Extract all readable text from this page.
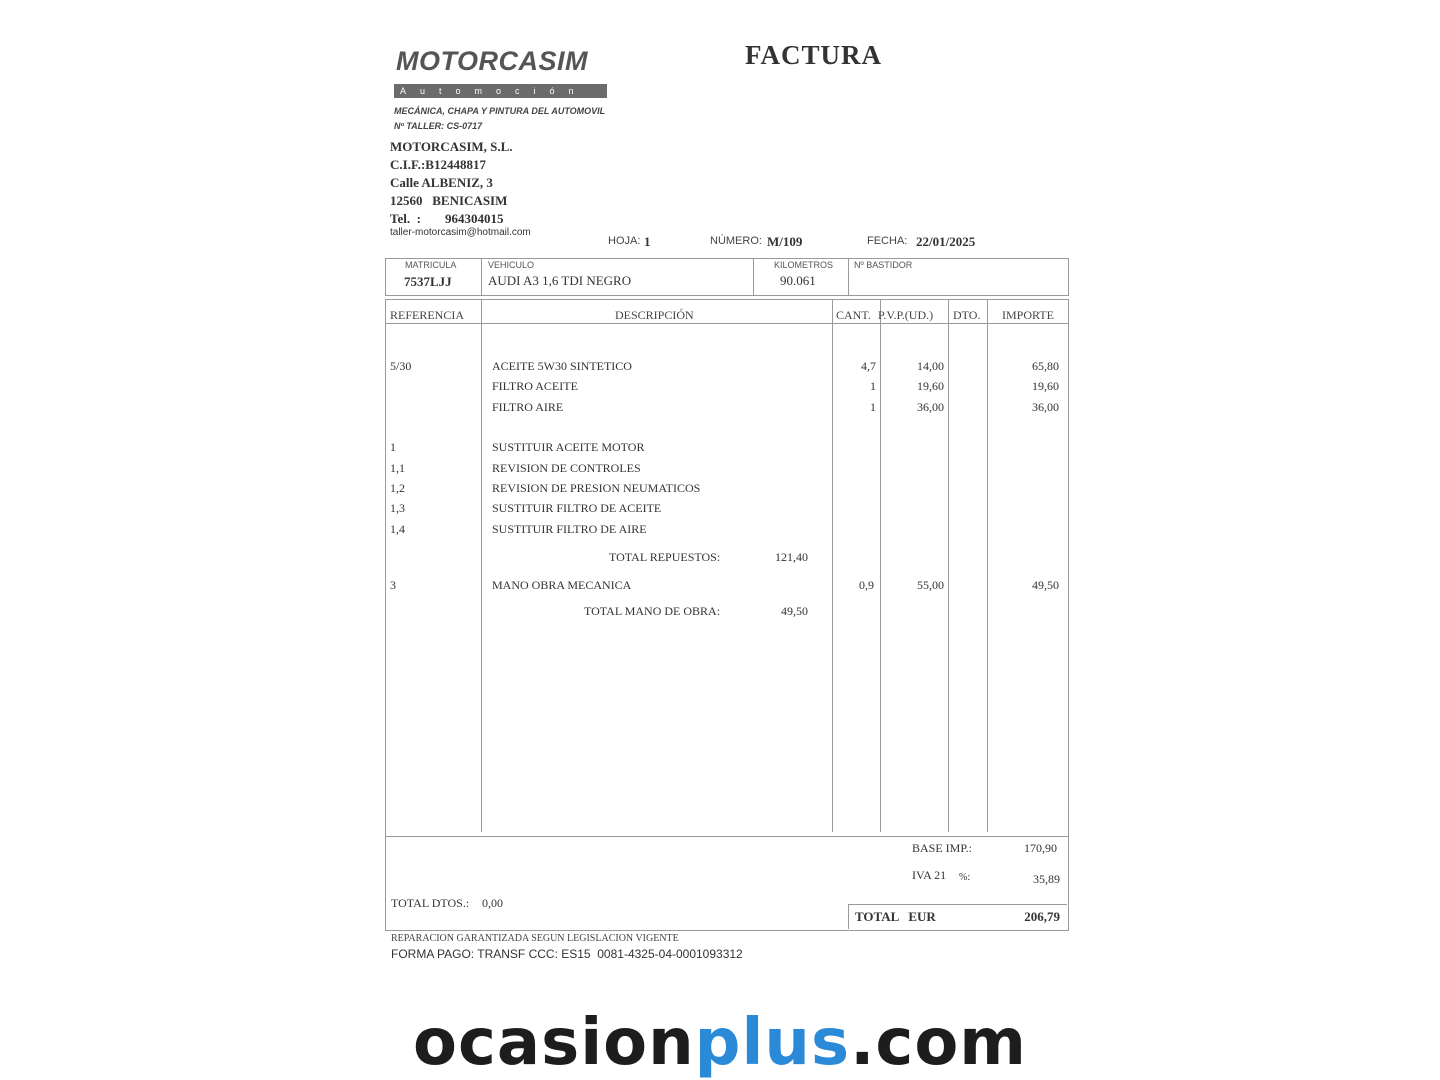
MOTORCASIM
Automoción
MECÁNICA, CHAPA Y PINTURA DEL AUTOMOVIL
Nº TALLER: CS-0717
FACTURA
MOTORCASIM, S.L.
C.I.F.:B12448817
Calle ALBENIZ, 3
12560   BENICASIM
Tel.  : 964304015
taller-motorcasim@hotmail.com
HOJA: 1	NÚMERO: M/109	FECHA: 22/01/2025
MATRICULA
7537LJJ
VEHICULO
AUDI A3 1,6 TDI NEGRO
KILOMETROS
90.061
Nº BASTIDOR
REFERENCIA	DESCRIPCIÓN	CANT. P.V.P.(UD.) DTO. IMPORTE
5/30	ACEITE 5W30 SINTETICO	4,7	14,00	65,80
FILTRO ACEITE	1	19,60	19,60
FILTRO AIRE	1	36,00	36,00
1	SUSTITUIR ACEITE MOTOR
1,1	REVISION DE CONTROLES
1,2	REVISION DE PRESION NEUMATICOS
1,3	SUSTITUIR FILTRO DE ACEITE
1,4	SUSTITUIR FILTRO DE AIRE
TOTAL REPUESTOS:	121,40
3	MANO OBRA MECANICA	0,9	55,00	49,50
TOTAL MANO DE OBRA:	49,50
BASE IMP.:	170,90
IVA 21 %:	35,89
TOTAL DTOS.: 0,00
TOTAL   EUR	206,79
REPARACION GARANTIZADA SEGUN LEGISLACION VIGENTE
FORMA PAGO: TRANSF CCC: ES15  0081-4325-04-0001093312
ocasionplus.com
